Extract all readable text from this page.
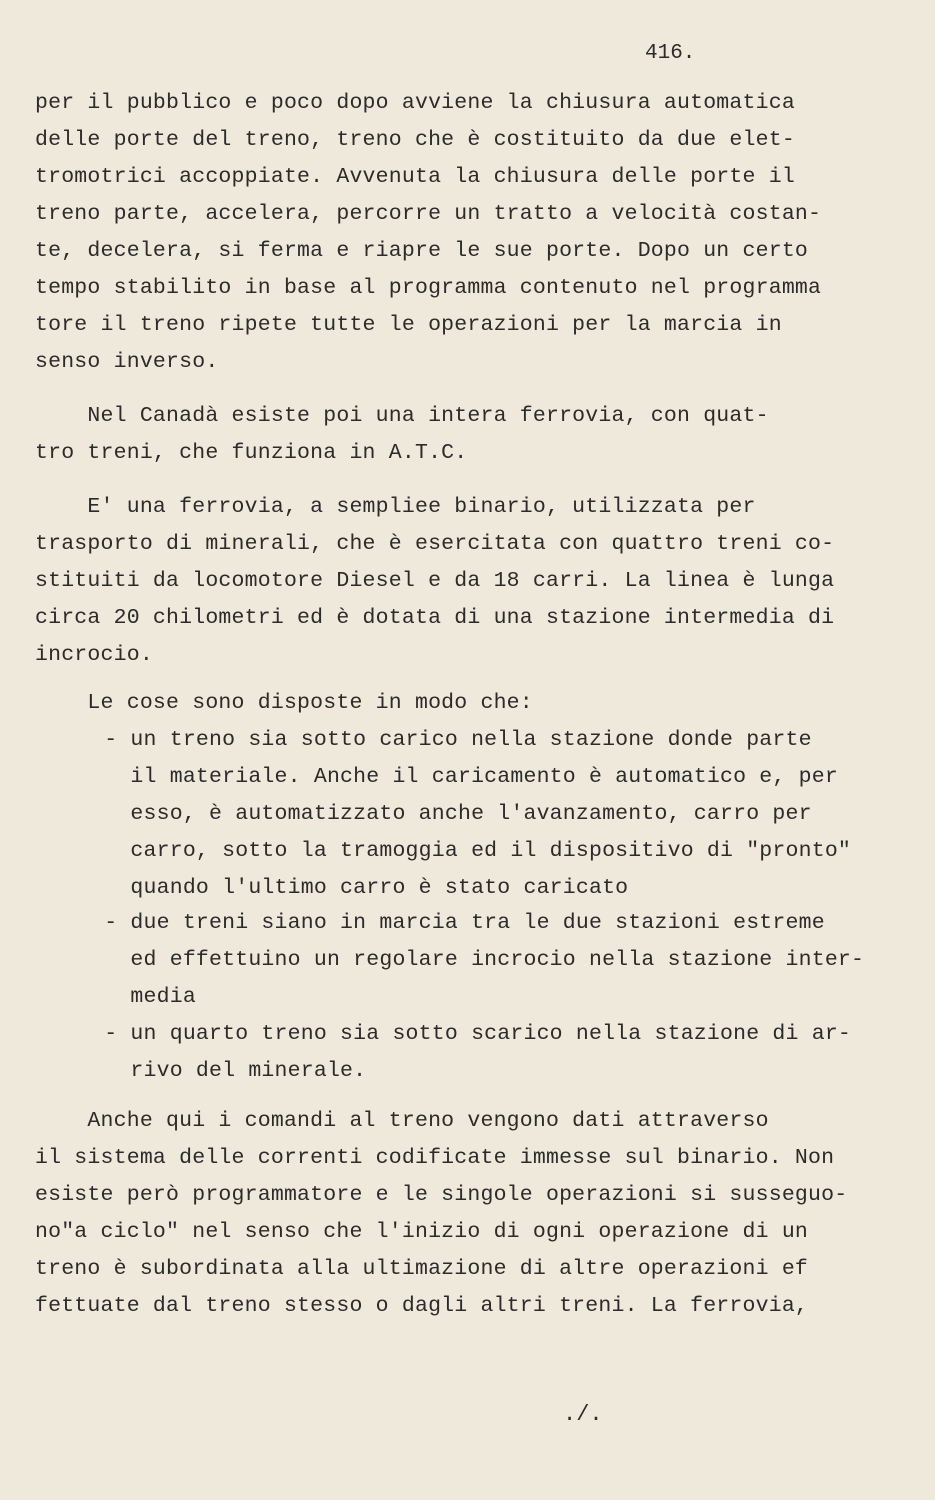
416.
per il pubblico e poco dopo avviene la chiusura automatica
delle porte del treno, treno che è costituito da due elet-
tromotrici accoppiate. Avvenuta la chiusura delle porte il
treno parte, accelera, percorre un tratto a velocità costan-
te, decelera, si ferma e riapre le sue porte. Dopo un certo
tempo stabilito in base al programma contenuto nel programma
tore il treno ripete tutte le operazioni per la marcia in
senso inverso.
Nel Canadà esiste poi una intera ferrovia, con quat-
tro treni, che funziona in A.T.C.
E' una ferrovia, a sempliee binario, utilizzata per
trasporto di minerali, che è esercitata con quattro treni co-
stituiti da locomotore Diesel e da 18 carri. La linea è lunga
circa 20 chilometri ed è dotata di una stazione intermedia di
incrocio.
Le cose sono disposte in modo che:
- un treno sia sotto carico nella stazione donde parte
il materiale. Anche il caricamento è automatico e, per
esso, è automatizzato anche l'avanzamento, carro per
carro, sotto la tramoggia ed il dispositivo di "pronto"
quando l'ultimo carro è stato caricato
- due treni siano in marcia tra le due stazioni estreme
ed effettuino un regolare incrocio nella stazione inter-
media
- un quarto treno sia sotto scarico nella stazione di ar-
rivo del minerale.
Anche qui i comandi al treno vengono dati attraverso
il sistema delle correnti codificate immesse sul binario. Non
esiste però programmatore e le singole operazioni si susseguo-
no"a ciclo" nel senso che l'inizio di ogni operazione di un
treno è subordinata alla ultimazione di altre operazioni ef
fettuate dal treno stesso o dagli altri treni. La ferrovia,
./.
